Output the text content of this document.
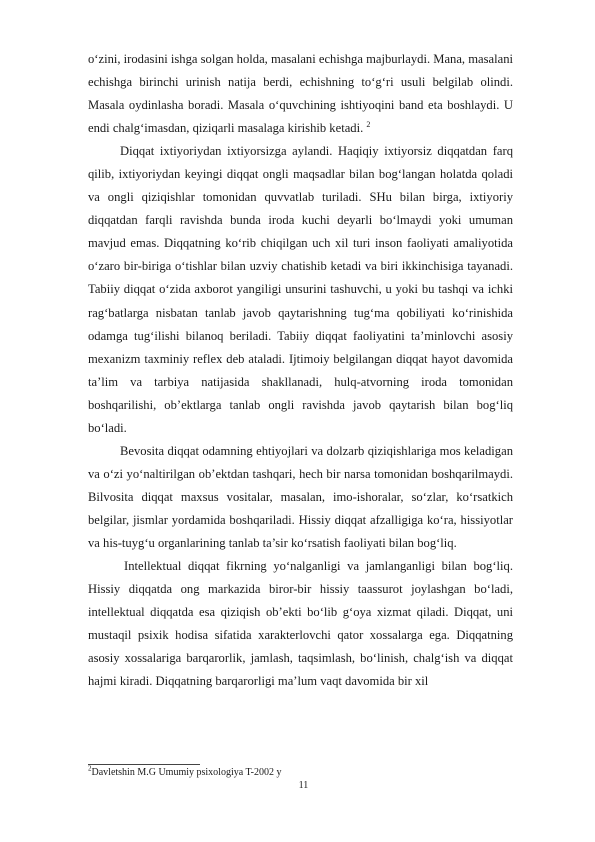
o‘zini, irodasini ishga solgan holda, masalani echishga majburlaydi. Mana, masalani echishga birinchi urinish natija berdi, echishning to‘g‘ri usuli belgilab olindi. Masala oydinlasha boradi. Masala o‘quvchining ishtiyoqini band eta boshlaydi. U endi chalg‘imasdan, qiziqarli masalaga kirishib ketadi. $^2$

Diqqat ixtiyoriydan ixtiyorsizga aylandi. Haqiqiy ixtiyorsiz diqqatdan farq qilib, ixtiyoriydan keyingi diqqat ongli maqsadlar bilan bog‘langan holatda qoladi va ongli qiziqishlar tomonidan quvvatlab turiladi. SHu bilan birga, ixtiyoriy diqqatdan farqli ravishda bunda iroda kuchi deyarli bo‘lmaydi yoki umuman mavjud emas. Diqqatning ko‘rib chiqilgan uch xil turi inson faoliyati amaliyotida o‘zaro bir-biriga o‘tishlar bilan uzviy chatishib ketadi va biri ikkinchisiga tayanadi. Tabiiy diqqat o‘zida axborot yangiligi unsurini tashuvchi, u yoki bu tashqi va ichki rag‘batlarga nisbatan tanlab javob qaytarishning tug‘ma qobiliyati ko‘rinishida odamga tug‘ilishi bilanoq beriladi. Tabiiy diqqat faoliyatini ta’minlovchi asosiy mexanizm taxminiy reflex deb ataladi. Ijtimoiy belgilangan diqqat hayot davomida ta’lim va tarbiya natijasida shakllanadi, hulq-atvorning iroda tomonidan boshqarilishi, ob’ektlarga tanlab ongli ravishda javob qaytarish bilan bog‘liq bo‘ladi.

Bevosita diqqat odamning ehtiyojlari va dolzarb qiziqishlariga mos keladigan va o‘zi yo‘naltirilgan ob’ektdan tashqari, hech bir narsa tomonidan boshqarilmaydi. Bilvosita diqqat maxsus vositalar, masalan, imo-ishoralar, so‘zlar, ko‘rsatkich belgilar, jismlar yordamida boshqariladi. Hissiy diqqat afzalligiga ko‘ra, hissiyotlar va his-tuyg‘u organlarining tanlab ta’sir ko‘rsatish faoliyati bilan bog‘liq.

Intellektual diqqat fikrning yo‘nalganligi va jamlanganligi bilan bog‘liq. Hissiy diqqatda ong markazida biror-bir hissiy taassurot joylashgan bo‘ladi, intellektual diqqatda esa qiziqish ob’ekti bo‘lib g‘oya xizmat qiladi. Diqqat, uni mustaqil psixik hodisa sifatida xarakterlovchi qator xossalarga ega. Diqqatning asosiy xossalariga barqarorlik, jamlash, taqsimlash, bo‘linish, chalg‘ish va diqqat hajmi kiradi. Diqqatning barqarorligi ma’lum vaqt davomida bir xil

$^2$Davletshin M.G Umumiy psixologiya T-2002 y
11
